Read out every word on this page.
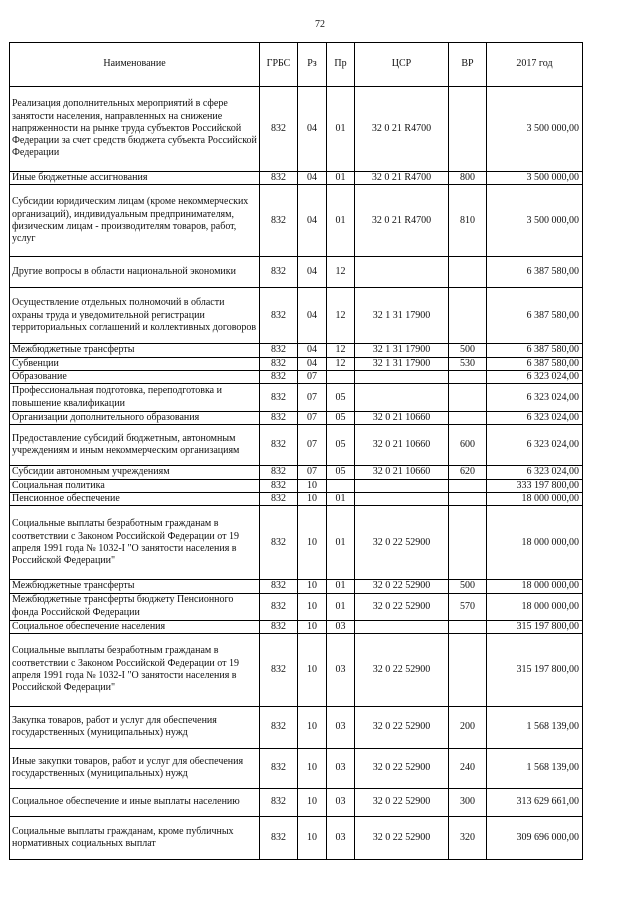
72
Наименование	ГРБС	Рз	Пр	ЦСР	ВР	2017 год
Реализация дополнительных мероприятий в сфере занятости населения, направленных на снижение напряженности на рынке труда субъектов Российской Федерации за счет средств бюджета субъекта Российской Федерации	832	04	01	32 0 21 R4700		3 500 000,00
Иные бюджетные ассигнования	832	04	01	32 0 21 R4700	800	3 500 000,00
Субсидии юридическим лицам (кроме некоммерческих организаций), индивидуальным предпринимателям, физическим лицам - производителям товаров, работ, услуг	832	04	01	32 0 21 R4700	810	3 500 000,00
Другие вопросы в области национальной экономики	832	04	12			6 387 580,00
Осуществление отдельных полномочий в области охраны труда и уведомительной регистрации территориальных соглашений и коллективных договоров	832	04	12	32 1 31 17900		6 387 580,00
Межбюджетные трансферты	832	04	12	32 1 31 17900	500	6 387 580,00
Субвенции	832	04	12	32 1 31 17900	530	6 387 580,00
Образование	832	07				6 323 024,00
Профессиональная подготовка, переподготовка и повышение квалификации	832	07	05			6 323 024,00
Организации дополнительного образования	832	07	05	32 0 21 10660		6 323 024,00
Предоставление субсидий бюджетным, автономным учреждениям и иным некоммерческим организациям	832	07	05	32 0 21 10660	600	6 323 024,00
Субсидии автономным учреждениям	832	07	05	32 0 21 10660	620	6 323 024,00
Социальная политика	832	10				333 197 800,00
Пенсионное обеспечение	832	10	01			18 000 000,00
Социальные выплаты безработным гражданам в соответствии с Законом Российской Федерации от 19 апреля 1991 года № 1032-I "О занятости населения в Российской Федерации"	832	10	01	32 0 22 52900		18 000 000,00
Межбюджетные трансферты	832	10	01	32 0 22 52900	500	18 000 000,00
Межбюджетные трансферты бюджету Пенсионного фонда Российской Федерации	832	10	01	32 0 22 52900	570	18 000 000,00
Социальное обеспечение населения	832	10	03			315 197 800,00
Социальные выплаты безработным гражданам в соответствии с Законом Российской Федерации от 19 апреля 1991 года № 1032-I "О занятости населения в Российской Федерации"	832	10	03	32 0 22 52900		315 197 800,00
Закупка товаров, работ и услуг для обеспечения государственных (муниципальных) нужд	832	10	03	32 0 22 52900	200	1 568 139,00
Иные закупки товаров, работ и услуг для обеспечения государственных (муниципальных) нужд	832	10	03	32 0 22 52900	240	1 568 139,00
Социальное обеспечение и иные выплаты населению	832	10	03	32 0 22 52900	300	313 629 661,00
Социальные выплаты гражданам, кроме публичных нормативных социальных выплат	832	10	03	32 0 22 52900	320	309 696 000,00
